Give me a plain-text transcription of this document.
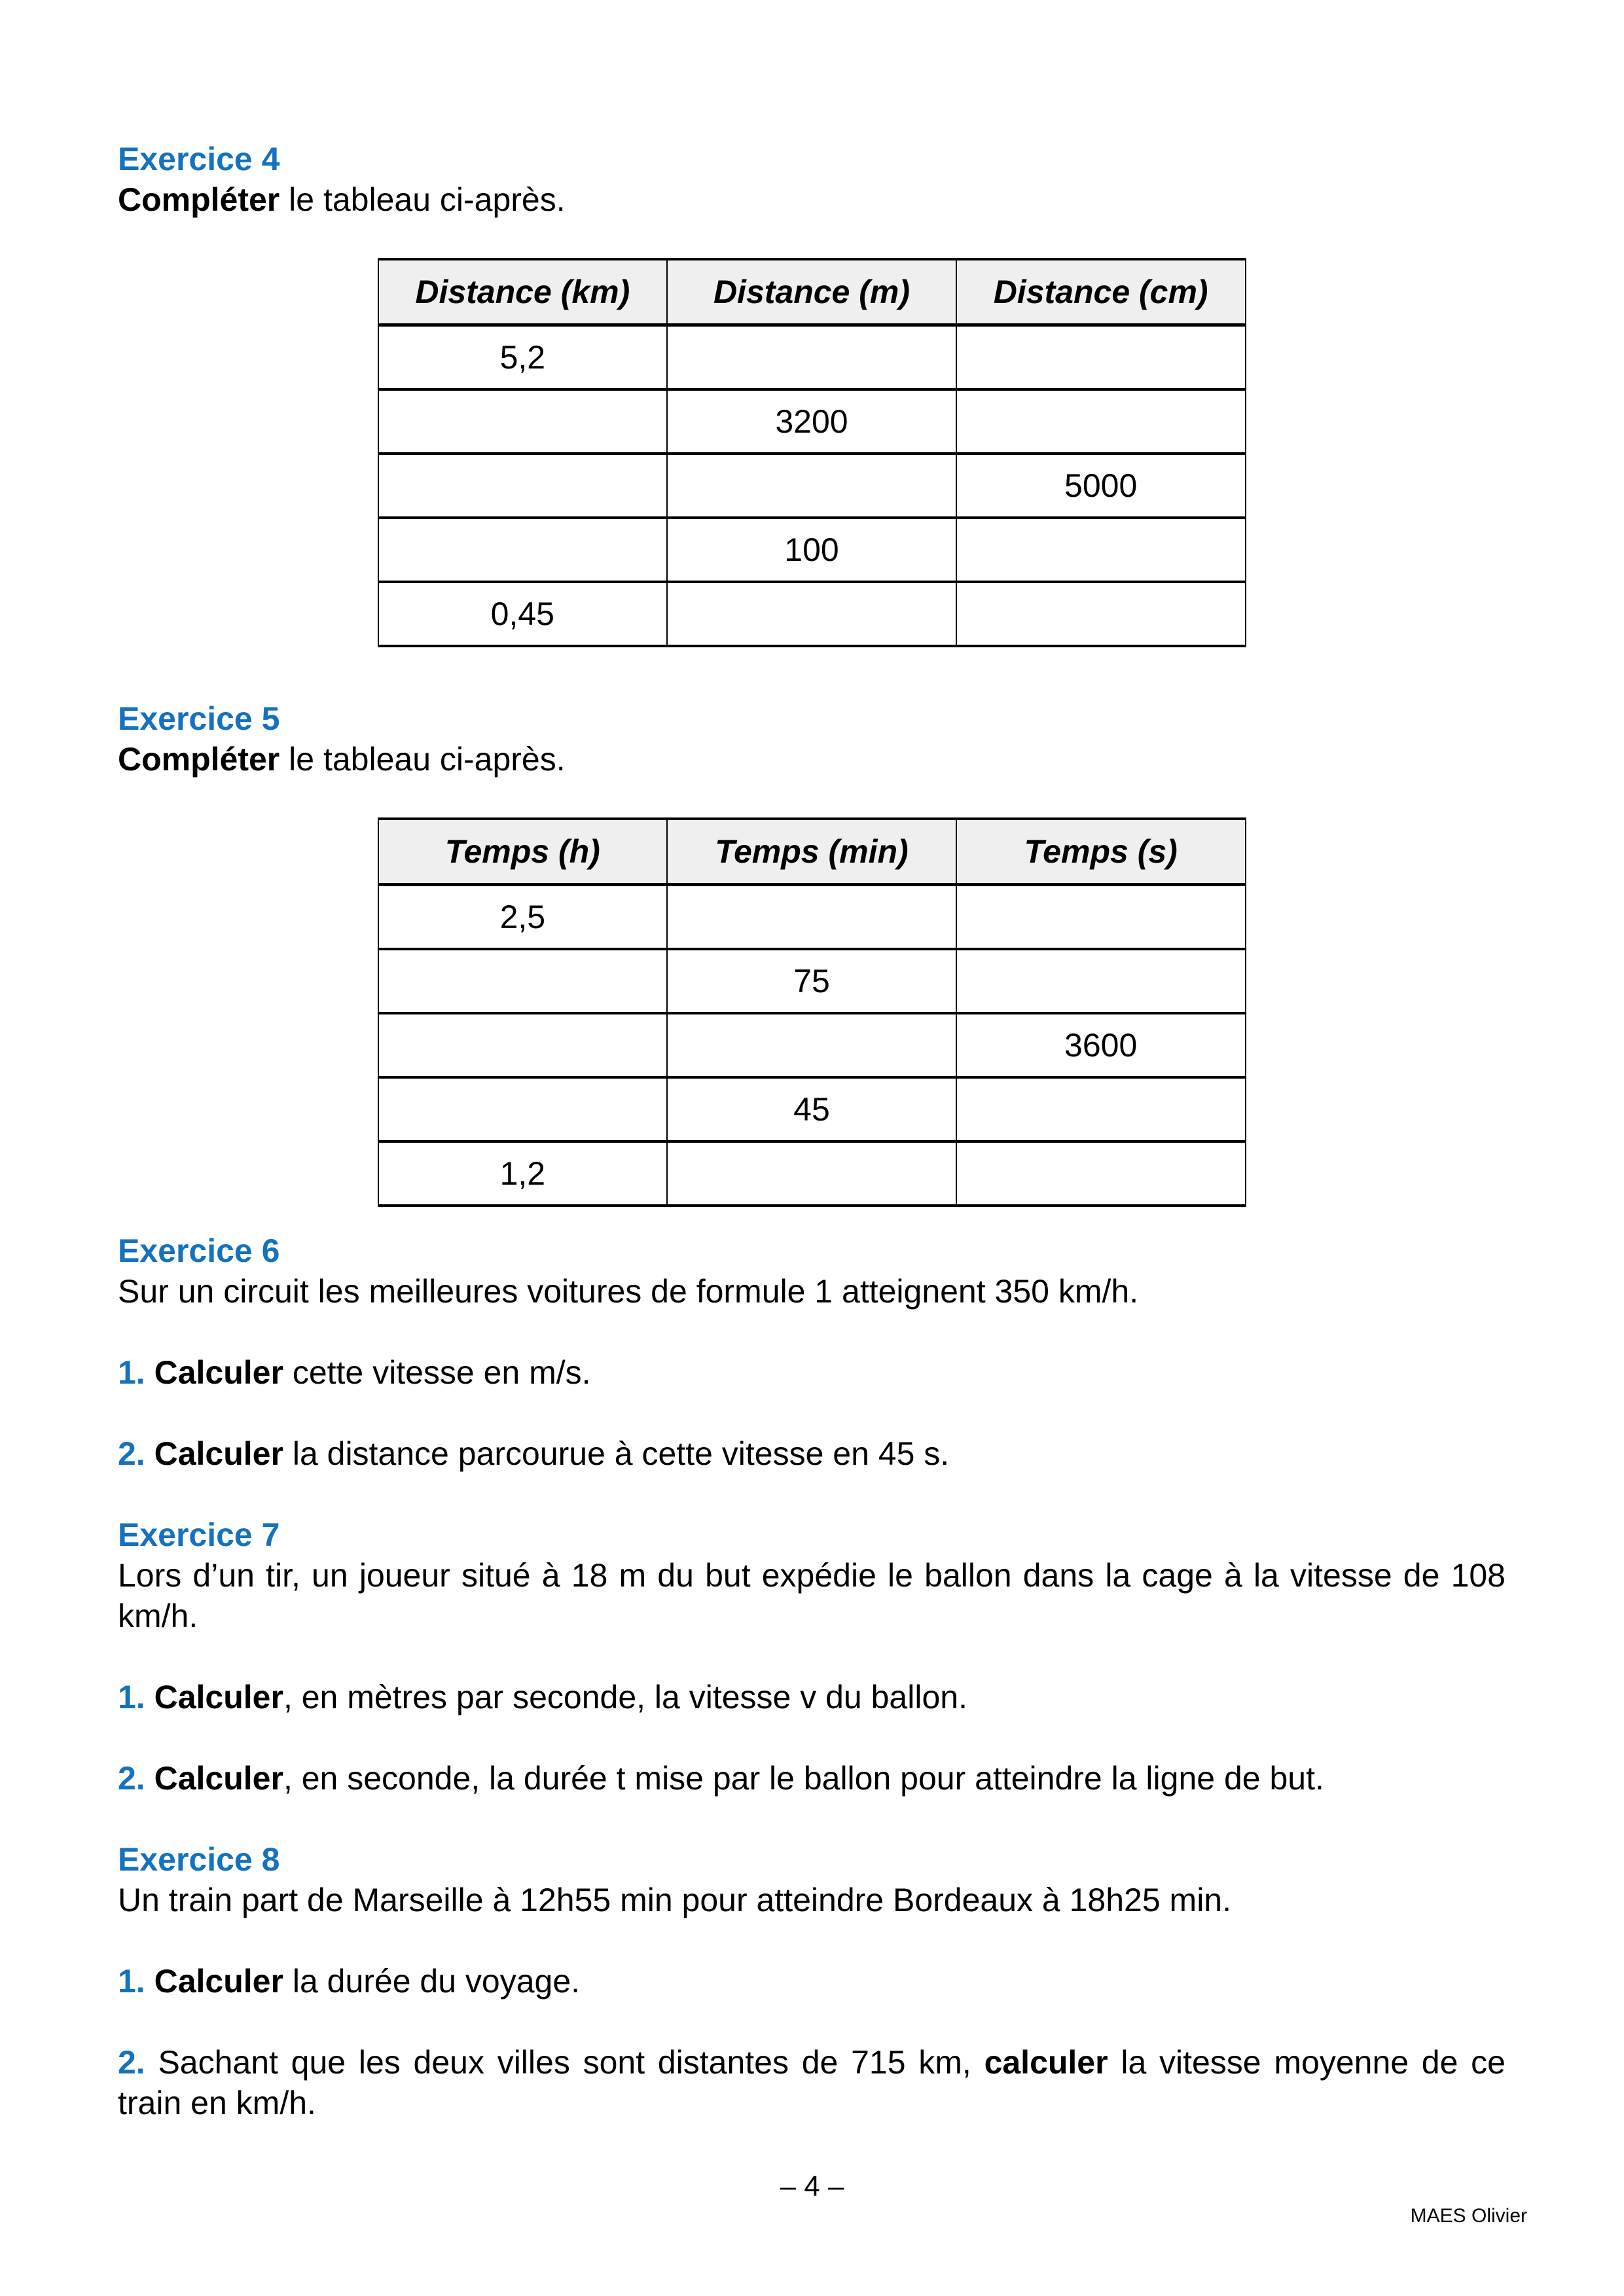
Exercice 4

Compléter le tableau ci-après.

Distance (km)	Distance (m)	Distance (cm)
5,2		
	3200	
		5000
	100	
0,45		
Exercice 5

Compléter le tableau ci-après.

Temps (h)	Temps (min)	Temps (s)
2,5		
	75	
		3600
	45	
1,2		
Exercice 6

Sur un circuit les meilleures voitures de formule 1 atteignent 350 km/h.

1. Calculer cette vitesse en m/s.

2. Calculer la distance parcourue à cette vitesse en 45 s.

Exercice 7

Lors d’un tir, un joueur situé à 18 m du but expédie le ballon dans la cage à la vitesse de 108 km/h.

1. Calculer, en mètres par seconde, la vitesse v du ballon.

2. Calculer, en seconde, la durée t mise par le ballon pour atteindre la ligne de but.

Exercice 8

Un train part de Marseille à 12h55 min pour atteindre Bordeaux à 18h25 min.

1. Calculer la durée du voyage.

2. Sachant que les deux villes sont distantes de 715 km, calculer la vitesse moyenne de ce train en km/h.

– 4 –
MAES Olivier
